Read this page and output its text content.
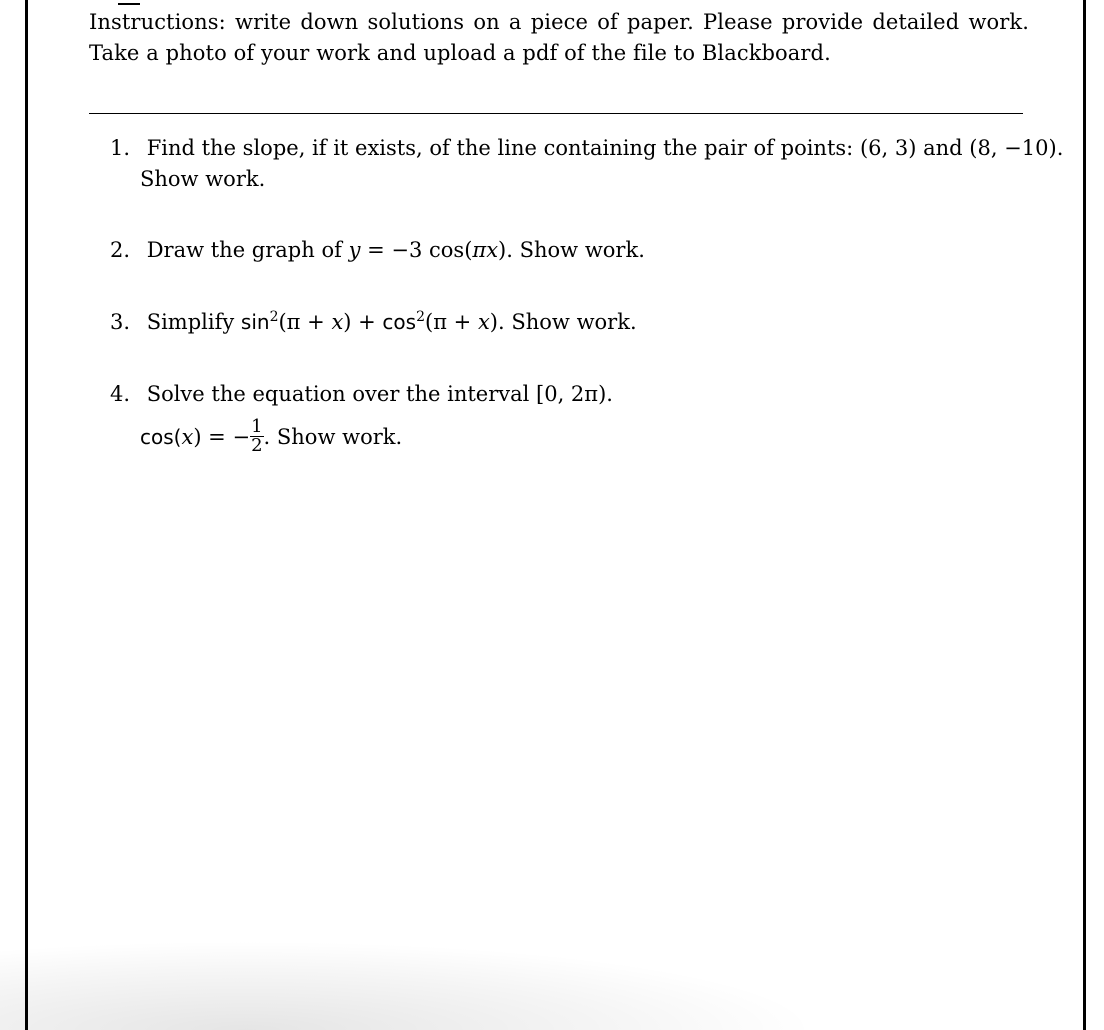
Instructions: write down solutions on a piece of paper. Please provide detailed work. Take a photo of your work and upload a pdf of the file to Blackboard.
1. Find the slope, if it exists, of the line containing the pair of points: (6, 3) and (8, −10).
Show work.
2. Draw the graph of y = −3 cos(πx). Show work.
3. Simplify $\sin^2(\pi + x) + \cos^2(\pi + x)$. Show work.
4. Solve the equation over the interval [0, 2π).
cos(x) = − $\frac{1}{2}$ . Show work.
